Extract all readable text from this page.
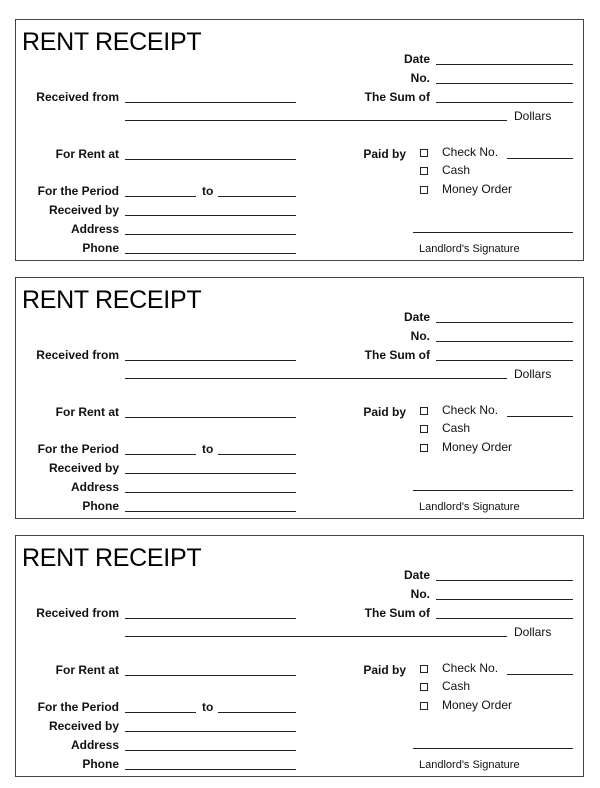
RENT RECEIPT
Date
No.
The Sum of
Received from
Dollars
For Rent at	Paid by	Check No.
Cash
Money Order
For the Period	to
Received by
Address
Phone	Landlord's Signature
RENT RECEIPT
Date
No.
The Sum of
Received from
Dollars
For Rent at	Paid by	Check No.
Cash
Money Order
For the Period	to
Received by
Address
Phone	Landlord's Signature
RENT RECEIPT
Date
No.
The Sum of
Received from
Dollars
For Rent at	Paid by	Check No.
Cash
Money Order
For the Period	to
Received by
Address
Phone	Landlord's Signature
